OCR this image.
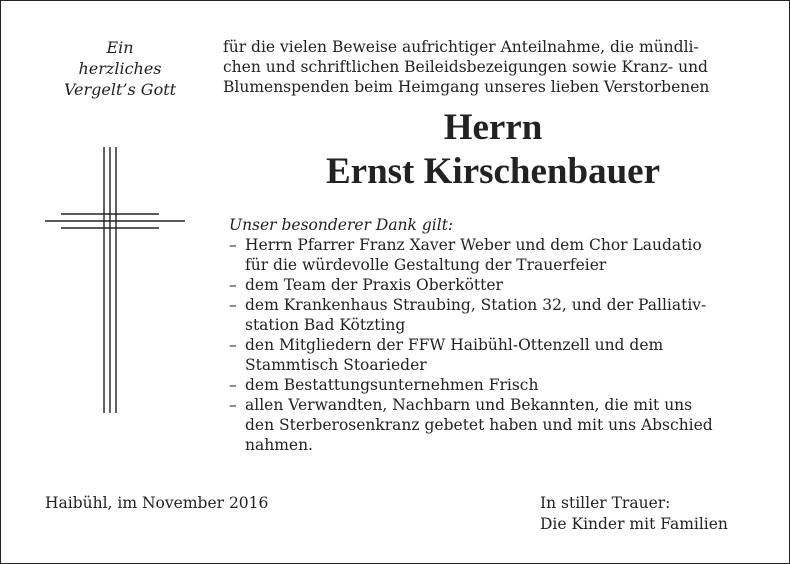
Ein
herzliches
Vergelt’s Gott
für die vielen Beweise aufrichtiger Anteilnahme, die mündli-
chen und schriftlichen Beileidsbezeigungen sowie Kranz- und
Blumenspenden beim Heimgang unseres lieben Verstorbenen
Herrn
Ernst Kirschenbauer
Unser besonderer Dank gilt:
– Herrn Pfarrer Franz Xaver Weber und dem Chor Laudatio
für die würdevolle Gestaltung der Trauerfeier
– dem Team der Praxis Oberkötter
– dem Krankenhaus Straubing, Station 32, und der Palliativ-
station Bad Kötzting
– den Mitgliedern der FFW Haibühl-Ottenzell und dem
Stammtisch Stoarieder
– dem Bestattungsunternehmen Frisch
– allen Verwandten, Nachbarn und Bekannten, die mit uns
den Sterberosenkranz gebetet haben und mit uns Abschied
nahmen.
Haibühl, im November 2016	In stiller Trauer:
Die Kinder mit Familien
